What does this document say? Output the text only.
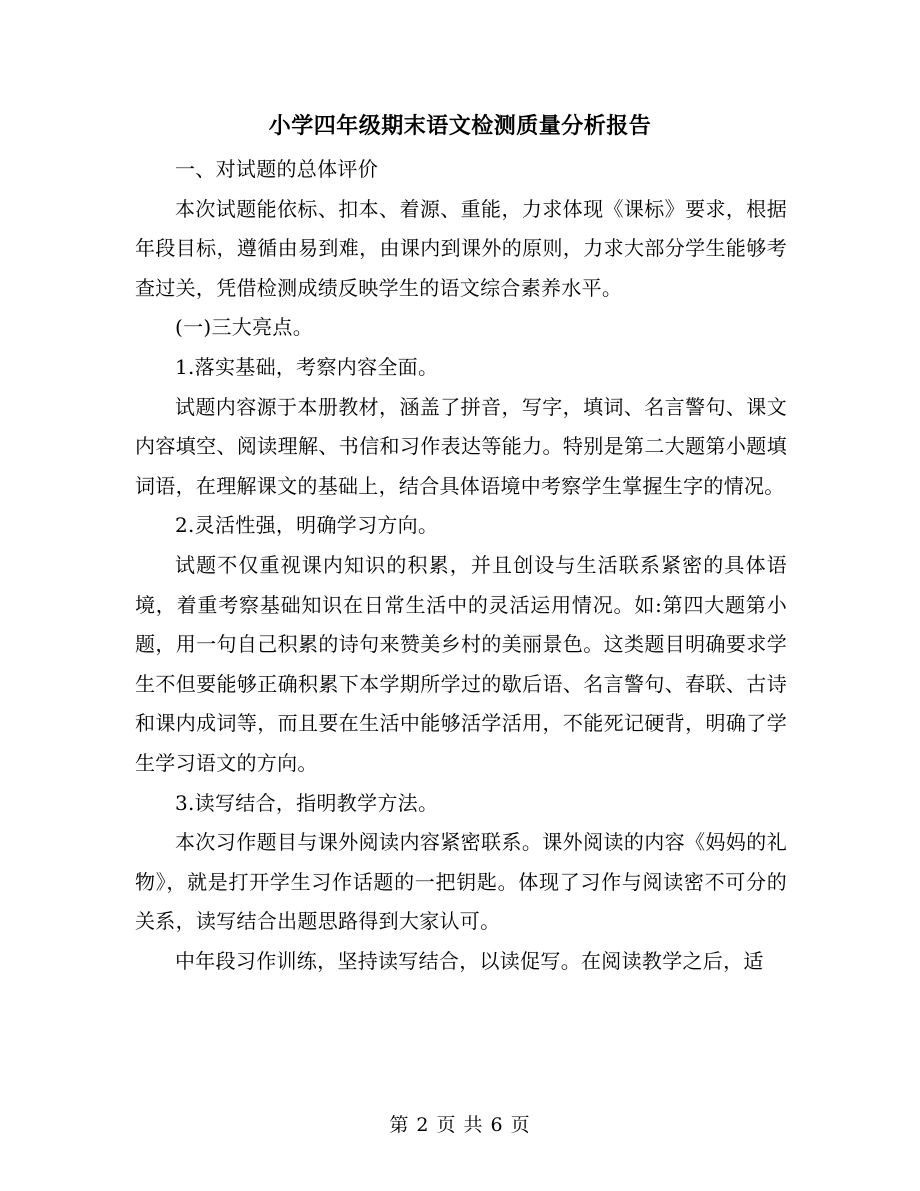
小学四年级期末语文检测质量分析报告

一、对试题的总体评价

本次试题能依标、扣本、着源、重能，力求体现《课标》要求，根据年段目标，遵循由易到难，由课内到课外的原则，力求大部分学生能够考查过关，凭借检测成绩反映学生的语文综合素养水平。

(一)三大亮点。

1.落实基础，考察内容全面。

试题内容源于本册教材，涵盖了拼音，写字，填词、名言警句、课文内容填空、阅读理解、书信和习作表达等能力。特别是第二大题第小题填词语，在理解课文的基础上，结合具体语境中考察学生掌握生字的情况。

2.灵活性强，明确学习方向。

试题不仅重视课内知识的积累，并且创设与生活联系紧密的具体语境，着重考察基础知识在日常生活中的灵活运用情况。如:第四大题第小题，用一句自己积累的诗句来赞美乡村的美丽景色。这类题目明确要求学生不但要能够正确积累下本学期所学过的歇后语、名言警句、春联、古诗和课内成词等，而且要在生活中能够活学活用，不能死记硬背，明确了学生学习语文的方向。

3.读写结合，指明教学方法。

本次习作题目与课外阅读内容紧密联系。课外阅读的内容《妈妈的礼物》，就是打开学生习作话题的一把钥匙。体现了习作与阅读密不可分的关系，读写结合出题思路得到大家认可。

中年段习作训练，坚持读写结合，以读促写。在阅读教学之后，适

第 2 页 共 6 页
